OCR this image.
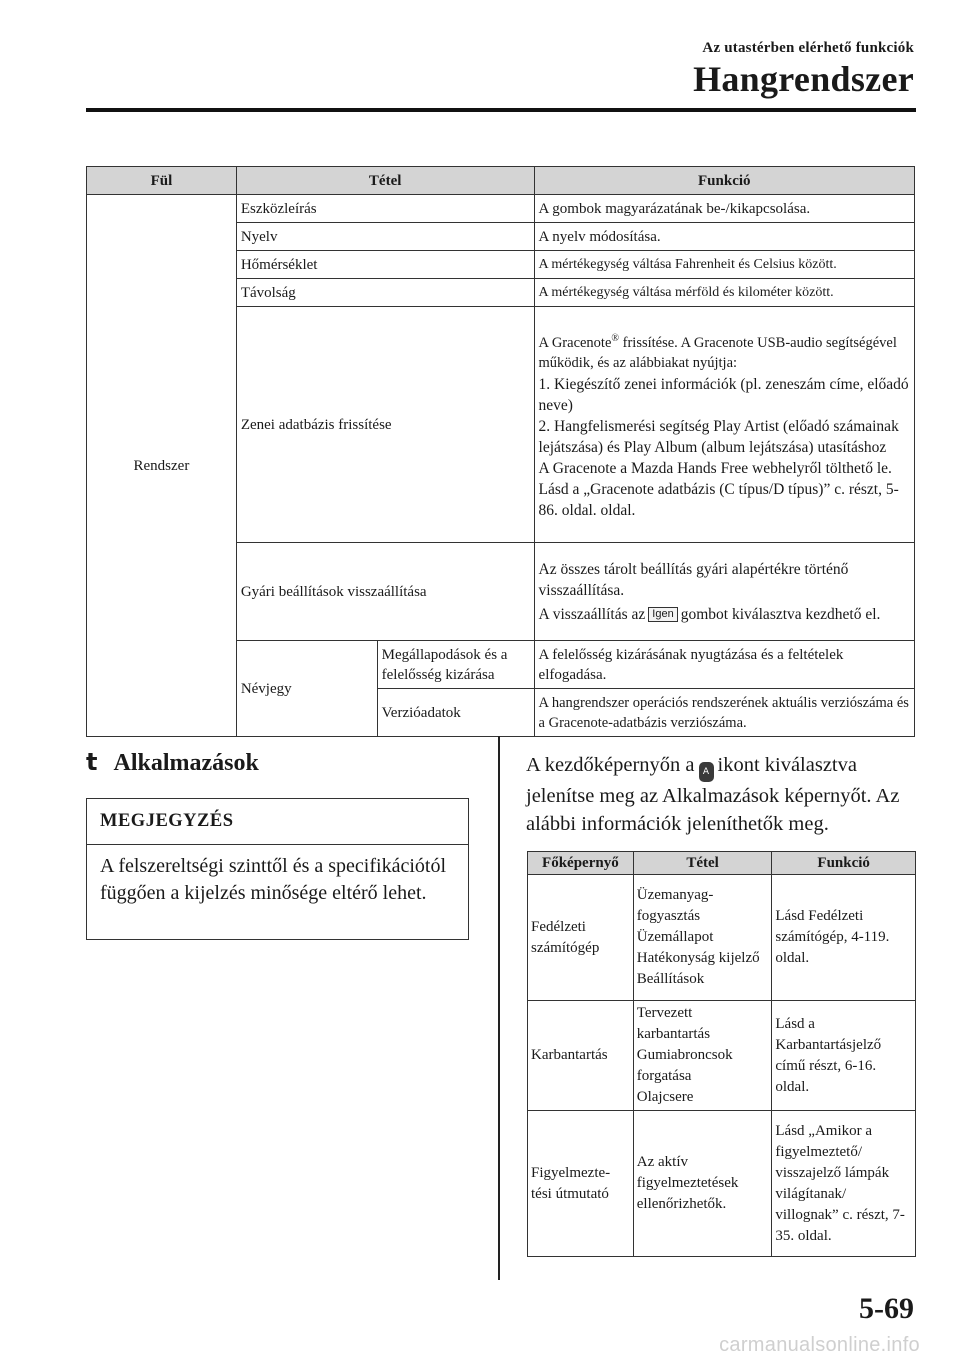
Az utastérben elérhető funkciók
Hangrendszer
Fül	Tétel		Funkció
Rendszer	Eszközleírás		A gombok magyarázatának be-/kikapcsolása.
	Nyelv		A nyelv módosítása.
	Hőmérséklet		A mértékegység váltása Fahrenheit és Celsius között.
	Távolság		A mértékegység váltása mérföld és kilométer között.
	Zenei adatbázis frissítése		A Gracenote® frissítése. A Gracenote USB-audio segítségével működik, és az alábbiakat nyújtja:
1. Kiegészítő zenei információk (pl. zeneszám címe, előadó neve)
2. Hangfelismerési segítség Play Artist (előadó számainak lejátszása) és Play Album (album lejátszása) utasításhoz
A Gracenote a Mazda Hands Free webhelyről tölthető le.
Lásd a „Gracenote adatbázis (C típus/D típus)” c. részt, 5-86. oldal. oldal.

	Gyári beállítások visszaállítása		Az összes tárolt beállítás gyári alapértékre történő visszaállítása.
A visszaállítás az Igen gombot kiválasztva kezdhető el.

	Névjegy	Megállapodások és a felelősség kizárása	A felelősség kizárásának nyugtázása és a feltételek elfogadása.
		Verzióadatok	A hangrendszer operációs rendszerének aktuális verziószáma és a Gracenote-adatbázis verziószáma.
t Alkalmazások
MEGJEGYZÉS
A felszereltségi szinttől és a specifikációtól függően a kijelzés minősége eltérő lehet.
A kezdőképernyőn a A ikont kiválasztva jelenítse meg az Alkalmazások képernyőt. Az alábbi információk jeleníthetők meg.
Főképernyő	Tétel	Funkció
Fedélzeti számítógép	Üzemanyag-fogyasztás
Üzemállapot
Hatékonyság kijelző
Beállítások	Lásd Fedélzeti számítógép, 4-119. oldal.
Karbantartás	Tervezett karbantartás
Gumiabroncsok forgatása
Olajcsere	Lásd a Karbantartásjelző című részt, 6-16. oldal.
Figyelmezte-tési útmutató	Az aktív figyelmeztetések ellenőrizhetők.	Lásd „Amikor a figyelmeztető/ visszajelző lámpák világítanak/ villognak” c. részt, 7-35. oldal.
5-69
carmanualsonline.info
